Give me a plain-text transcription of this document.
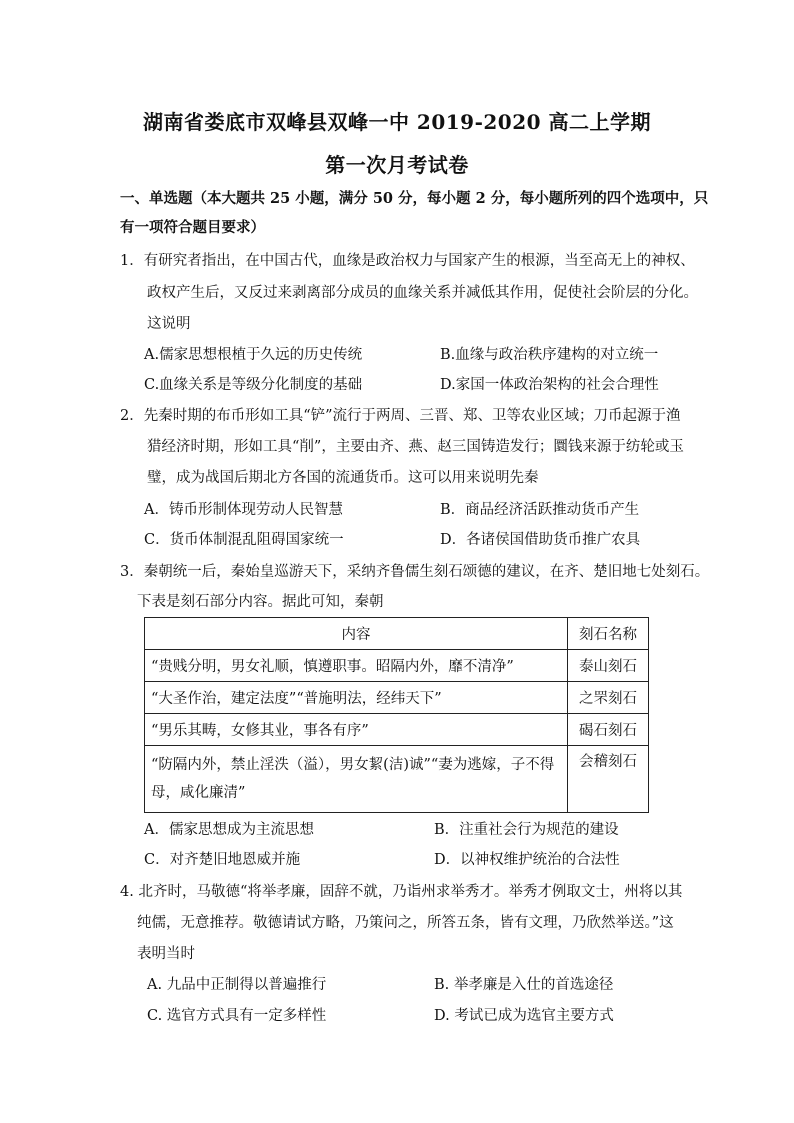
湖南省娄底市双峰县双峰一中 2019-2020 高二上学期
第一次月考试卷
一、单选题（本大题共 25 小题，满分 50 分，每小题 2 分，每小题所列的四个选项中，只
有一项符合题目要求）
1．有研究者指出，在中国古代，血缘是政治权力与国家产生的根源，当至高无上的神权、
政权产生后，又反过来剥离部分成员的血缘关系并减低其作用，促使社会阶层的分化。
这说明
A.儒家思想根植于久远的历史传统	B.血缘与政治秩序建构的对立统一
C.血缘关系是等级分化制度的基础	D.家国一体政治架构的社会合理性
2．先秦时期的布币形如工具“铲”流行于两周、三晋、郑、卫等农业区域；刀币起源于渔
猎经济时期，形如工具“削”，主要由齐、燕、赵三国铸造发行；圜钱来源于纺轮或玉
璧，成为战国后期北方各国的流通货币。这可以用来说明先秦
A．铸币形制体现劳动人民智慧	B．商品经济活跃推动货币产生
C．货币体制混乱阻碍国家统一	D．各诸侯国借助货币推广农具
3．秦朝统一后，秦始皇巡游天下，采纳齐鲁儒生刻石颂德的建议，在齐、楚旧地七处刻石。
下表是刻石部分内容。据此可知，秦朝
内容	刻石名称
“贵贱分明，男女礼顺，慎遵职事。昭隔内外，靡不清净”	泰山刻石
“大圣作治，建定法度”“普施明法，经纬天下”	之罘刻石
“男乐其畴，女修其业，事各有序”	碣石刻石
“防隔内外，禁止淫泆（溢），男女絜(洁)诚”“妻为逃嫁，子不得母，咸化廉清”	会稽刻石
A．儒家思想成为主流思想	B．注重社会行为规范的建设
C．对齐楚旧地恩威并施	D．以神权维护统治的合法性
4. 北齐时，马敬德“将举孝廉，固辞不就，乃诣州求举秀才。举秀才例取文士，州将以其
纯儒，无意推荐。敬德请试方略，乃策问之，所答五条，皆有文理，乃欣然举送。”这
表明当时
A. 九品中正制得以普遍推行	B. 举孝廉是入仕的首选途径
C. 选官方式具有一定多样性	D. 考试已成为选官主要方式
